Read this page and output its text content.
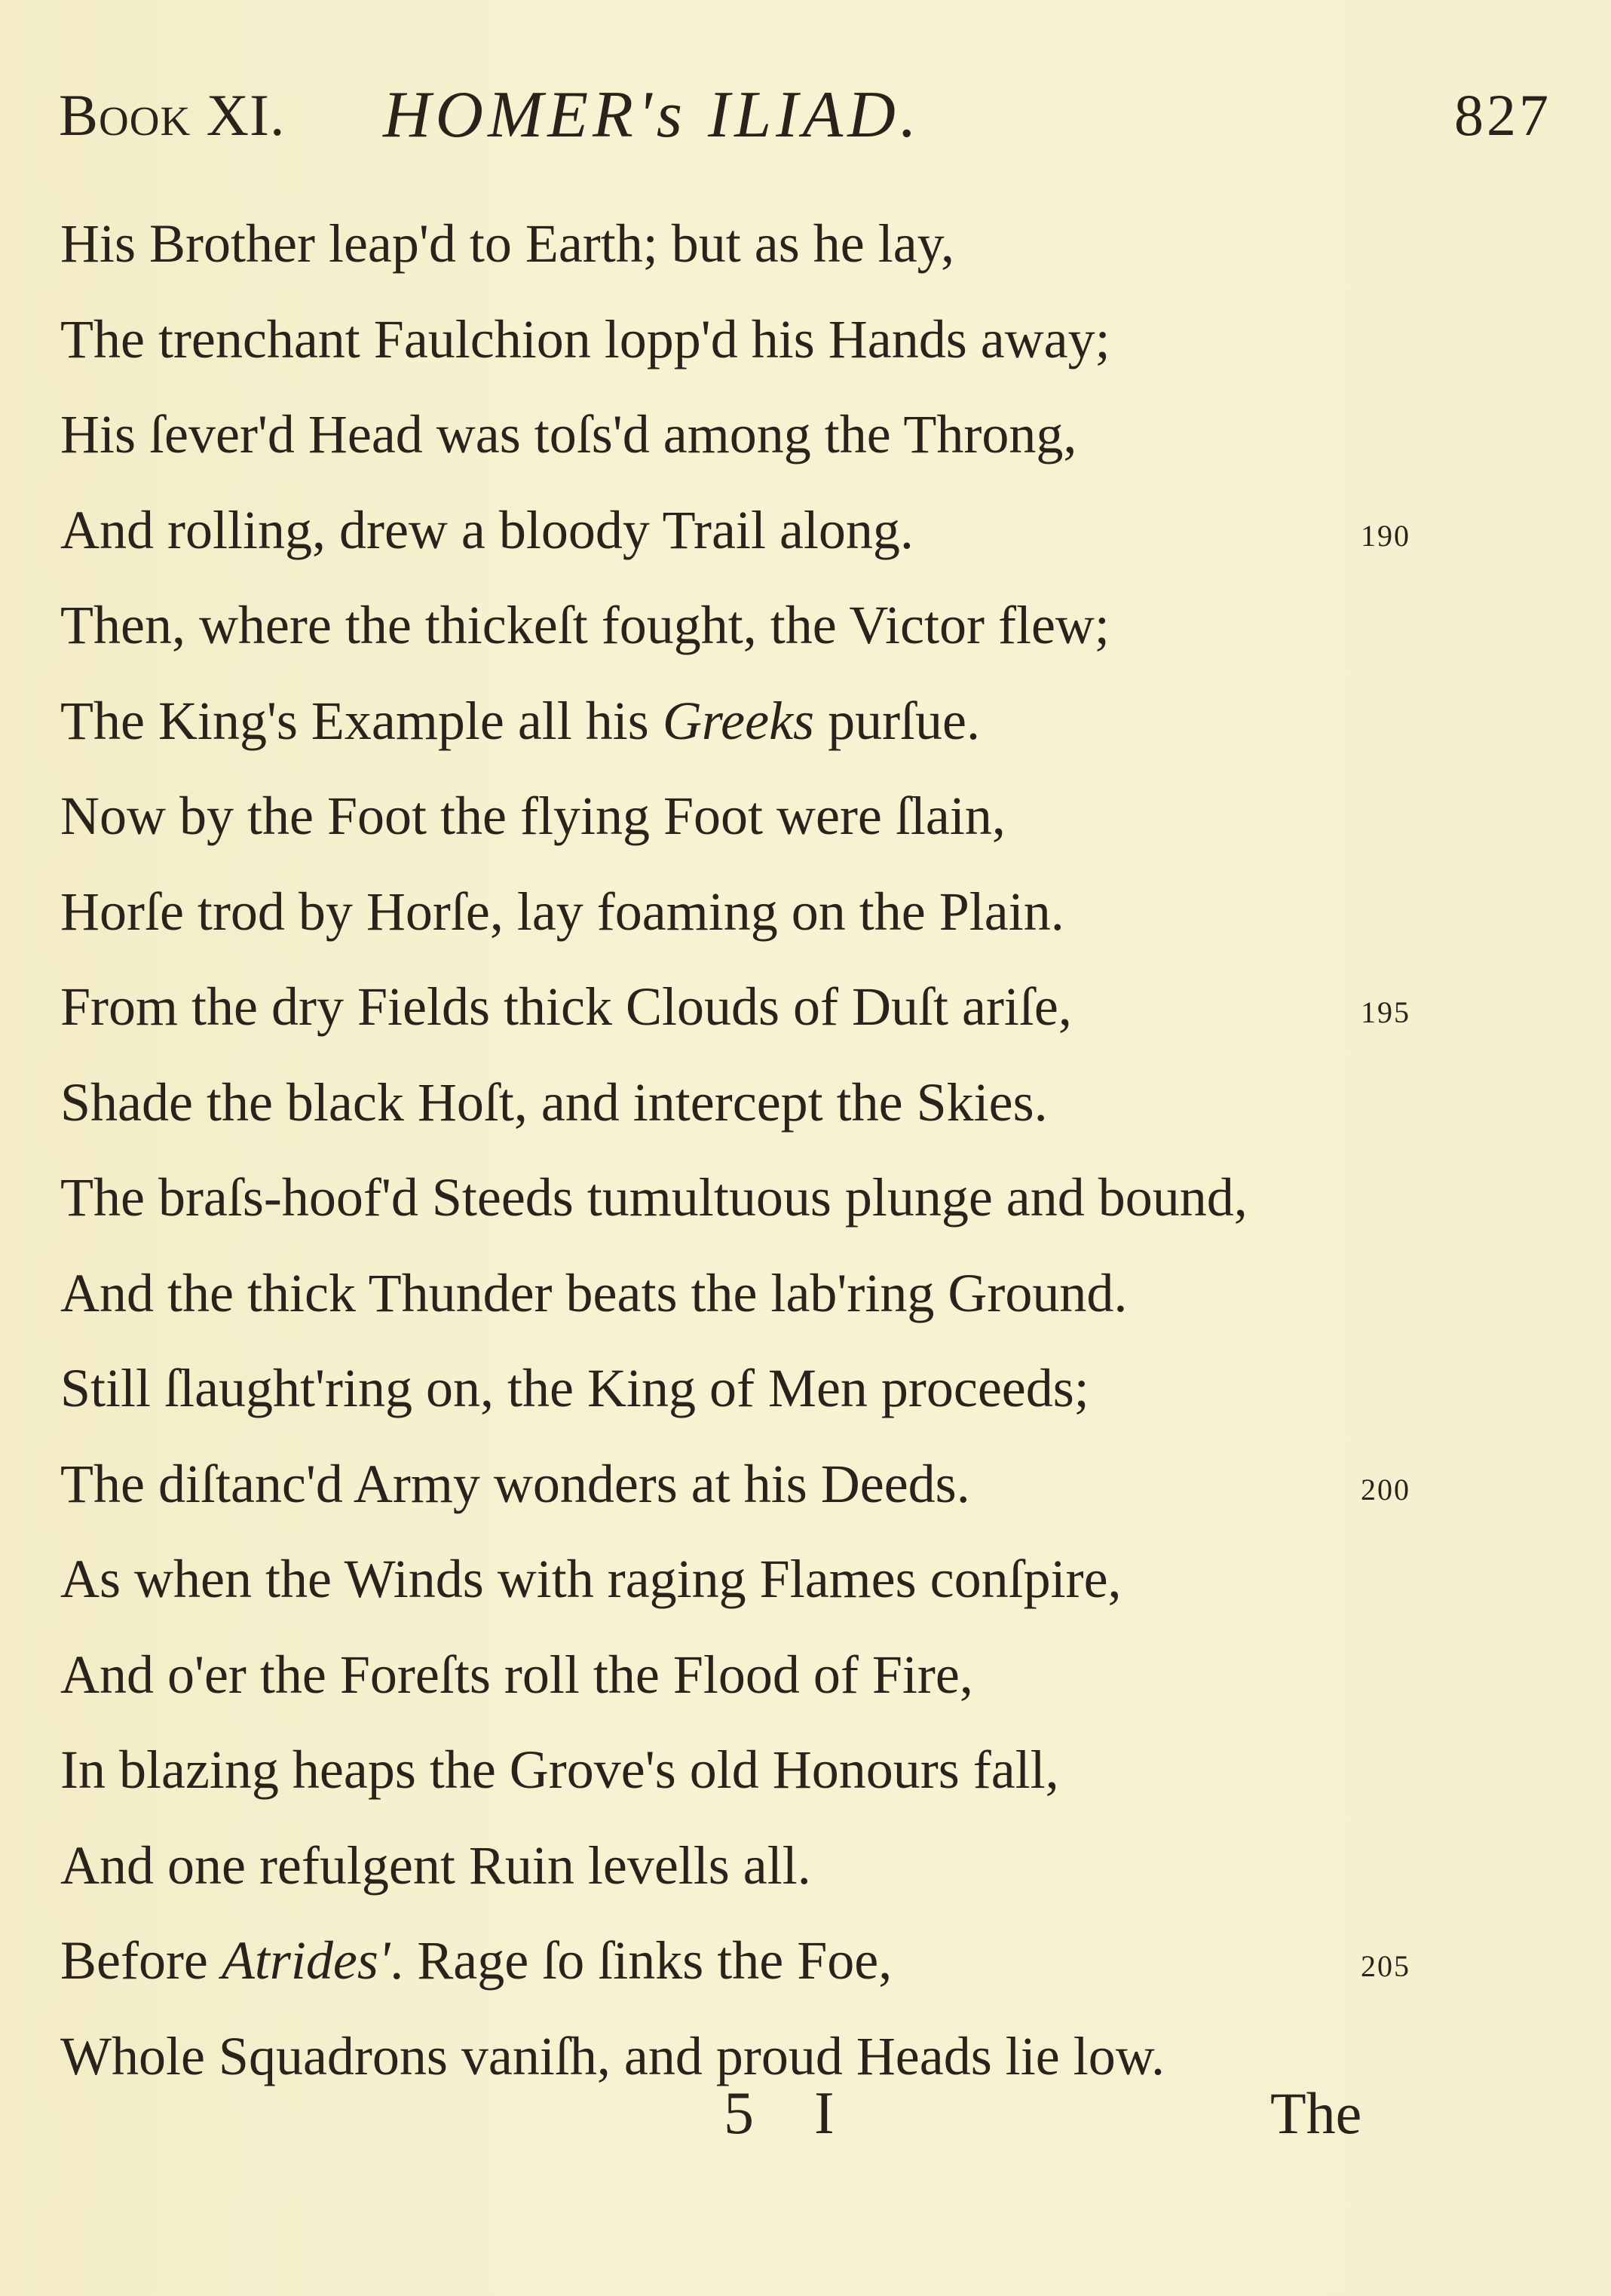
Book XI. HOMER's ILIAD.	827
His Brother leap'd to Earth; but as he lay,
The trenchant Faulchion lopp'd his Hands away;
His ſever'd Head was toſs'd among the Throng,
And rolling, drew a bloody Trail along.	190
Then, where the thickeſt fought, the Victor flew;
The King's Example all his Greeks purſue.
Now by the Foot the flying Foot were ſlain,
Horſe trod by Horſe, lay foaming on the Plain.
From the dry Fields thick Clouds of Duſt ariſe,	195
Shade the black Hoſt, and intercept the Skies.
The braſs-hoof'd Steeds tumultuous plunge and bound,
And the thick Thunder beats the lab'ring Ground.
Still ſlaught'ring on, the King of Men proceeds;
The diſtanc'd Army wonders at his Deeds.	200
As when the Winds with raging Flames conſpire,
And o'er the Foreſts roll the Flood of Fire,
In blazing heaps the Grove's old Honours fall,
And one refulgent Ruin levells all.
Before Atrides'. Rage ſo ſinks the Foe,	205
Whole Squadrons vaniſh, and proud Heads lie low.
5 I	The
